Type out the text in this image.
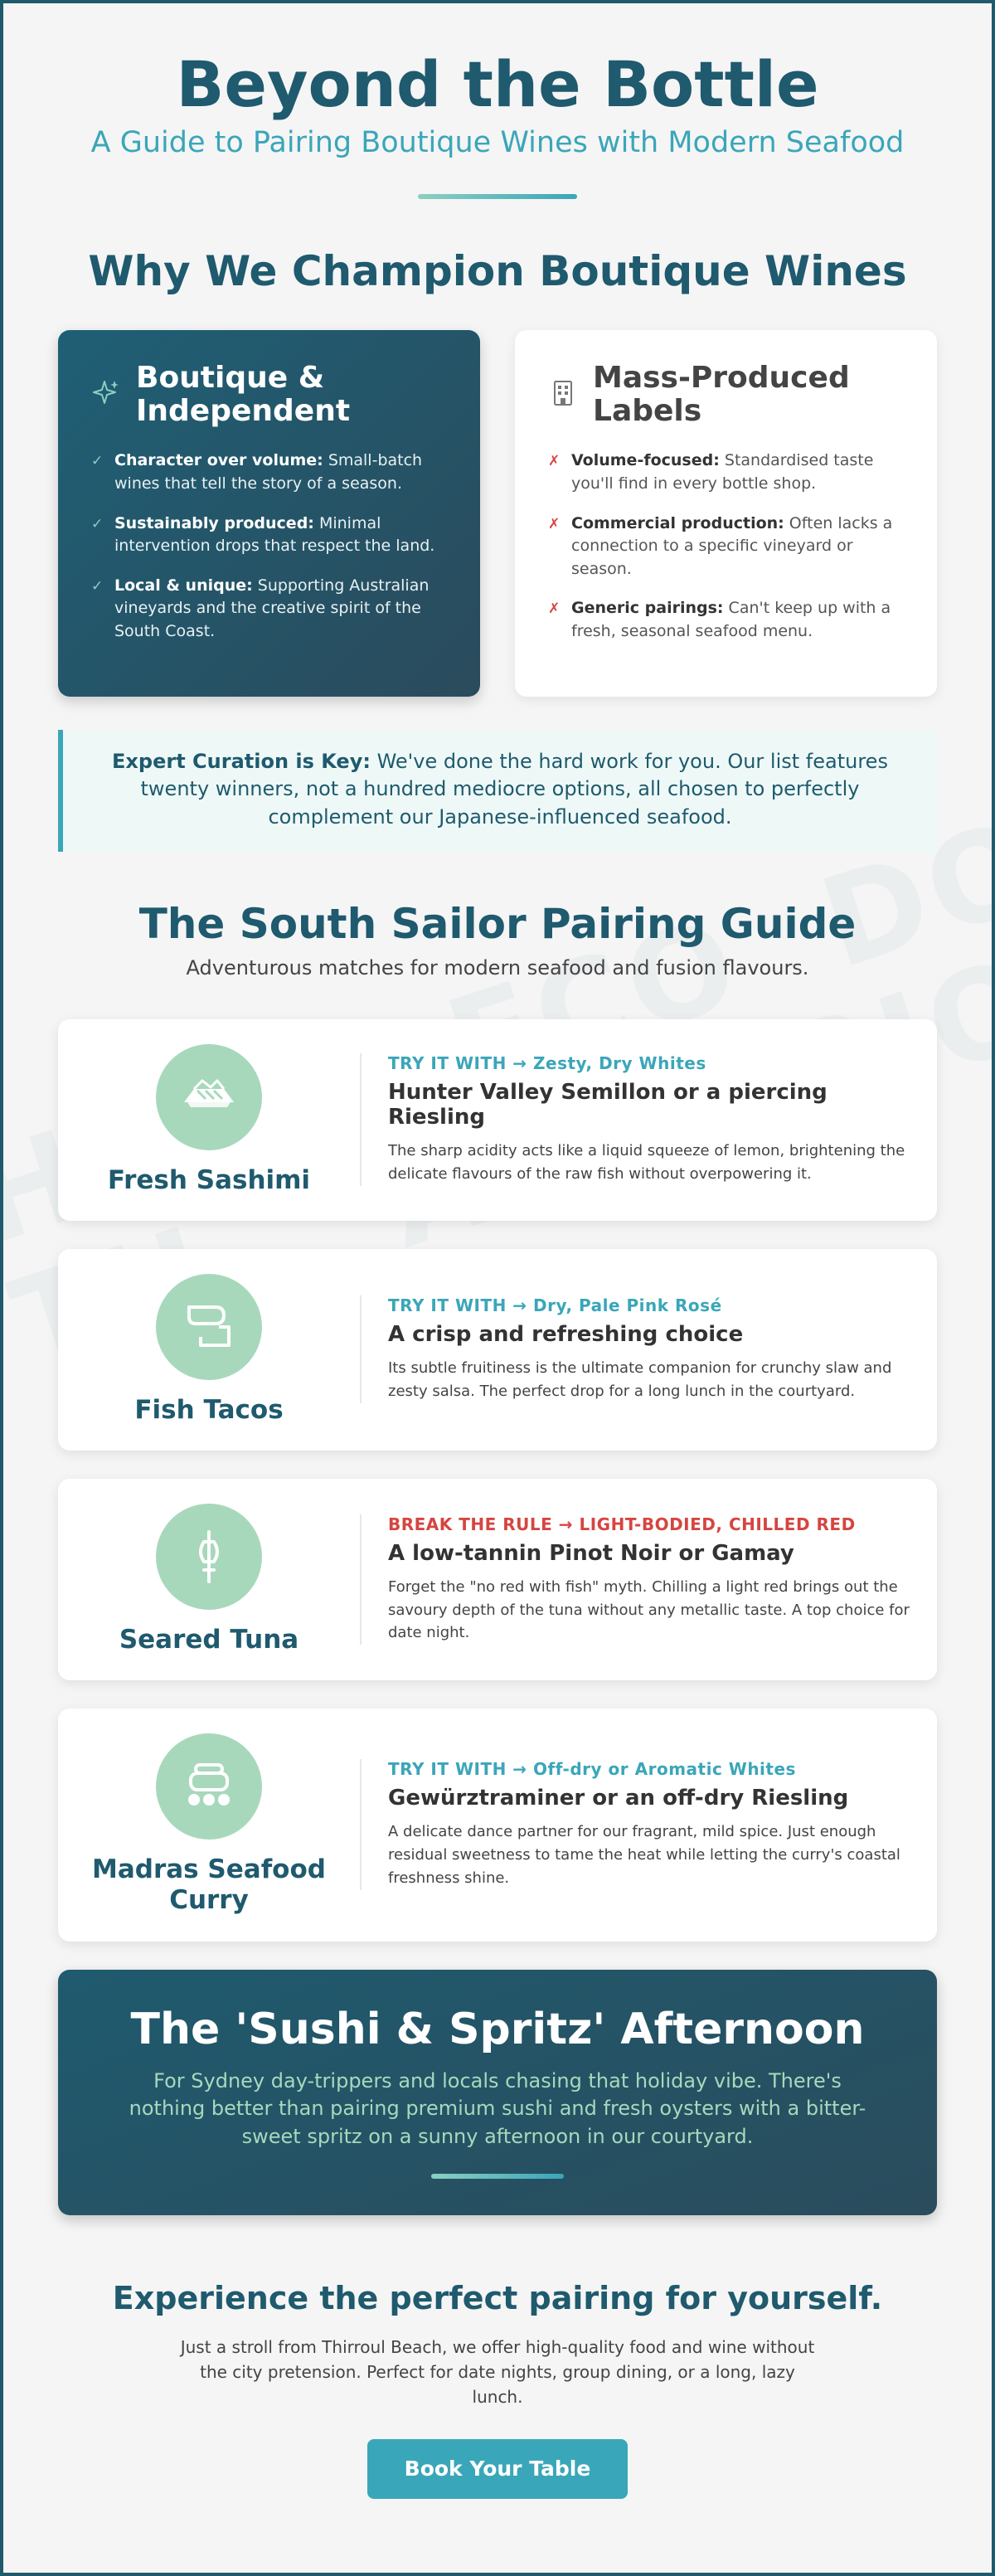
Beyond the Bottle
A Guide to Pairing Boutique Wines with Modern Seafood
Why We Champion Boutique Wines
Boutique & Independent
✓ Character over volume: Small-batch wines that tell the story of a season.
✓ Sustainably produced: Minimal intervention drops that respect the land.
✓ Local & unique: Supporting Australian vineyards and the creative spirit of the South Coast.
Mass-Produced Labels
✗ Volume-focused: Standardised taste you'll find in every bottle shop.
✗ Commercial production: Often lacks a connection to a specific vineyard or season.
✗ Generic pairings: Can't keep up with a fresh, seasonal seafood menu.
Expert Curation is Key: We've done the hard work for you. Our list features twenty winners, not a hundred mediocre options, all chosen to perfectly complement our Japanese-influenced seafood.
The South Sailor Pairing Guide
Adventurous matches for modern seafood and fusion flavours.
Fresh Sashimi
TRY IT WITH → Zesty, Dry Whites
Hunter Valley Semillon or a piercing Riesling
The sharp acidity acts like a liquid squeeze of lemon, brightening the delicate flavours of the raw fish without overpowering it.
Fish Tacos
TRY IT WITH → Dry, Pale Pink Rosé
A crisp and refreshing choice
Its subtle fruitiness is the ultimate companion for crunchy slaw and zesty salsa. The perfect drop for a long lunch in the courtyard.
Seared Tuna
BREAK THE RULE → LIGHT-BODIED, CHILLED RED
A low-tannin Pinot Noir or Gamay
Forget the "no red with fish" myth. Chilling a light red brings out the savoury depth of the tuna without any metallic taste. A top choice for date night.
Madras Seafood Curry
TRY IT WITH → Off-dry or Aromatic Whites
Gewürztraminer or an off-dry Riesling
A delicate dance partner for our fragrant, mild spice. Just enough residual sweetness to tame the heat while letting the curry's coastal freshness shine.
The 'Sushi & Spritz' Afternoon
For Sydney day-trippers and locals chasing that holiday vibe. There's nothing better than pairing premium sushi and fresh oysters with a bitter-sweet spritz on a sunny afternoon in our courtyard.
Experience the perfect pairing for yourself.
Just a stroll from Thirroul Beach, we offer high-quality food and wine without the city pretension. Perfect for date nights, group dining, or a long, lazy lunch.
Book Your Table
